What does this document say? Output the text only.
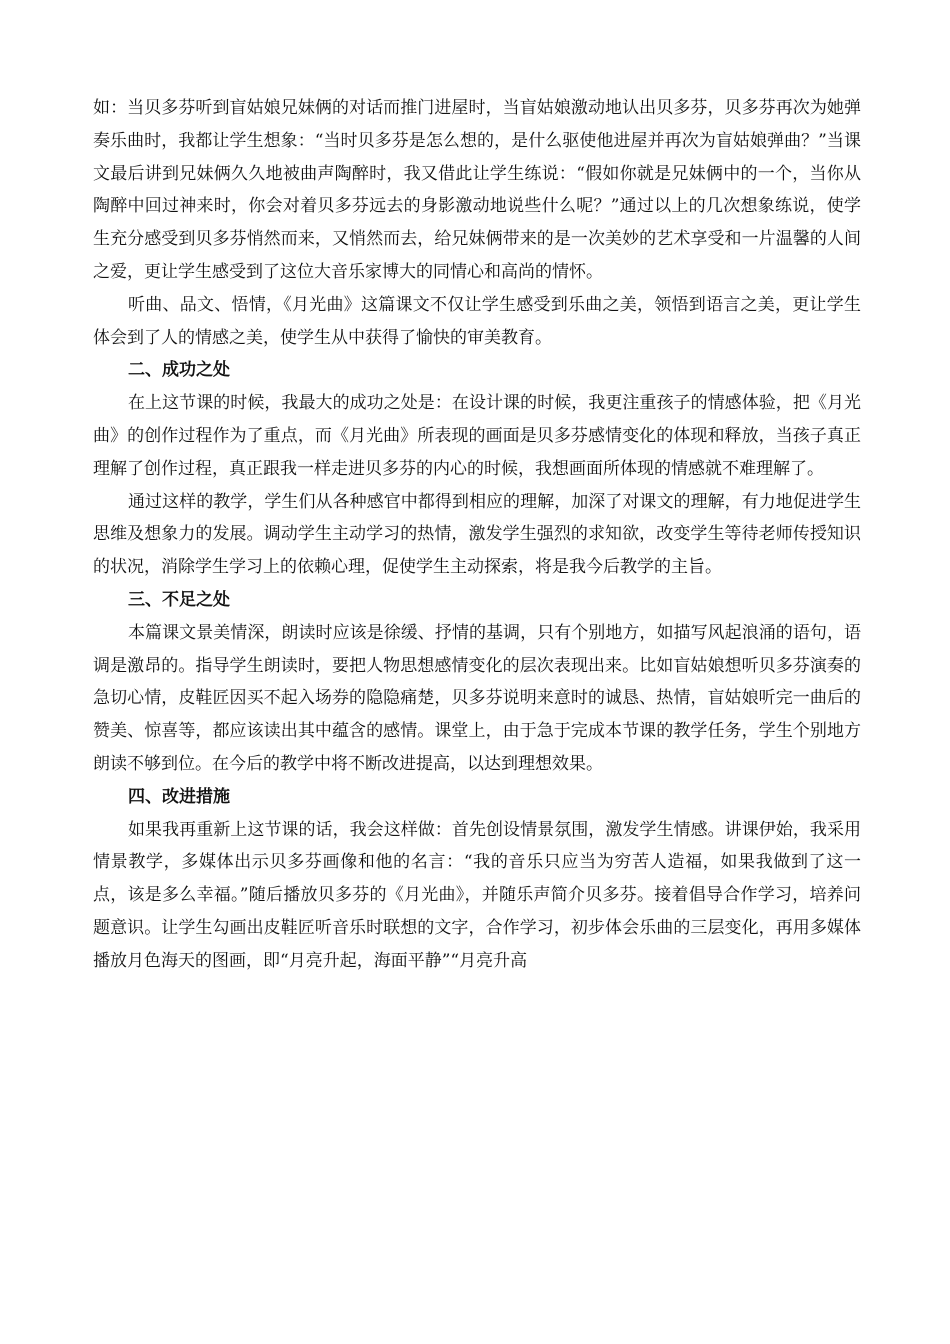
如：当贝多芬听到盲姑娘兄妹俩的对话而推门进屋时，当盲姑娘激动地认出贝多芬，贝多芬再次为她弹奏乐曲时，我都让学生想象：“当时贝多芬是怎么想的，是什么驱使他进屋并再次为盲姑娘弹曲？”当课文最后讲到兄妹俩久久地被曲声陶醉时，我又借此让学生练说：“假如你就是兄妹俩中的一个，当你从陶醉中回过神来时，你会对着贝多芬远去的身影激动地说些什么呢？”通过以上的几次想象练说，使学生充分感受到贝多芬悄然而来，又悄然而去，给兄妹俩带来的是一次美妙的艺术享受和一片温馨的人间之爱，更让学生感受到了这位大音乐家博大的同情心和高尚的情怀。

听曲、品文、悟情，《月光曲》这篇课文不仅让学生感受到乐曲之美，领悟到语言之美，更让学生体会到了人的情感之美，使学生从中获得了愉快的审美教育。

二、成功之处

在上这节课的时候，我最大的成功之处是：在设计课的时候，我更注重孩子的情感体验，把《月光曲》的创作过程作为了重点，而《月光曲》所表现的画面是贝多芬感情变化的体现和释放，当孩子真正理解了创作过程，真正跟我一样走进贝多芬的内心的时候，我想画面所体现的情感就不难理解了。

通过这样的教学，学生们从各种感官中都得到相应的理解，加深了对课文的理解，有力地促进学生思维及想象力的发展。调动学生主动学习的热情，激发学生强烈的求知欲，改变学生等待老师传授知识的状况，消除学生学习上的依赖心理，促使学生主动探索，将是我今后教学的主旨。

三、不足之处

本篇课文景美情深，朗读时应该是徐缓、抒情的基调，只有个别地方，如描写风起浪涌的语句，语调是激昂的。指导学生朗读时，要把人物思想感情变化的层次表现出来。比如盲姑娘想听贝多芬演奏的急切心情，皮鞋匠因买不起入场券的隐隐痛楚，贝多芬说明来意时的诚恳、热情，盲姑娘听完一曲后的赞美、惊喜等，都应该读出其中蕴含的感情。课堂上，由于急于完成本节课的教学任务，学生个别地方朗读不够到位。在今后的教学中将不断改进提高，以达到理想效果。

四、改进措施

如果我再重新上这节课的话，我会这样做：首先创设情景氛围，激发学生情感。讲课伊始，我采用情景教学，多媒体出示贝多芬画像和他的名言：“我的音乐只应当为穷苦人造福，如果我做到了这一点，该是多么幸福。”随后播放贝多芬的《月光曲》，并随乐声简介贝多芬。接着倡导合作学习，培养问题意识。让学生勾画出皮鞋匠听音乐时联想的文字，合作学习，初步体会乐曲的三层变化，再用多媒体播放月色海天的图画，即“月亮升起，海面平静”“月亮升高
